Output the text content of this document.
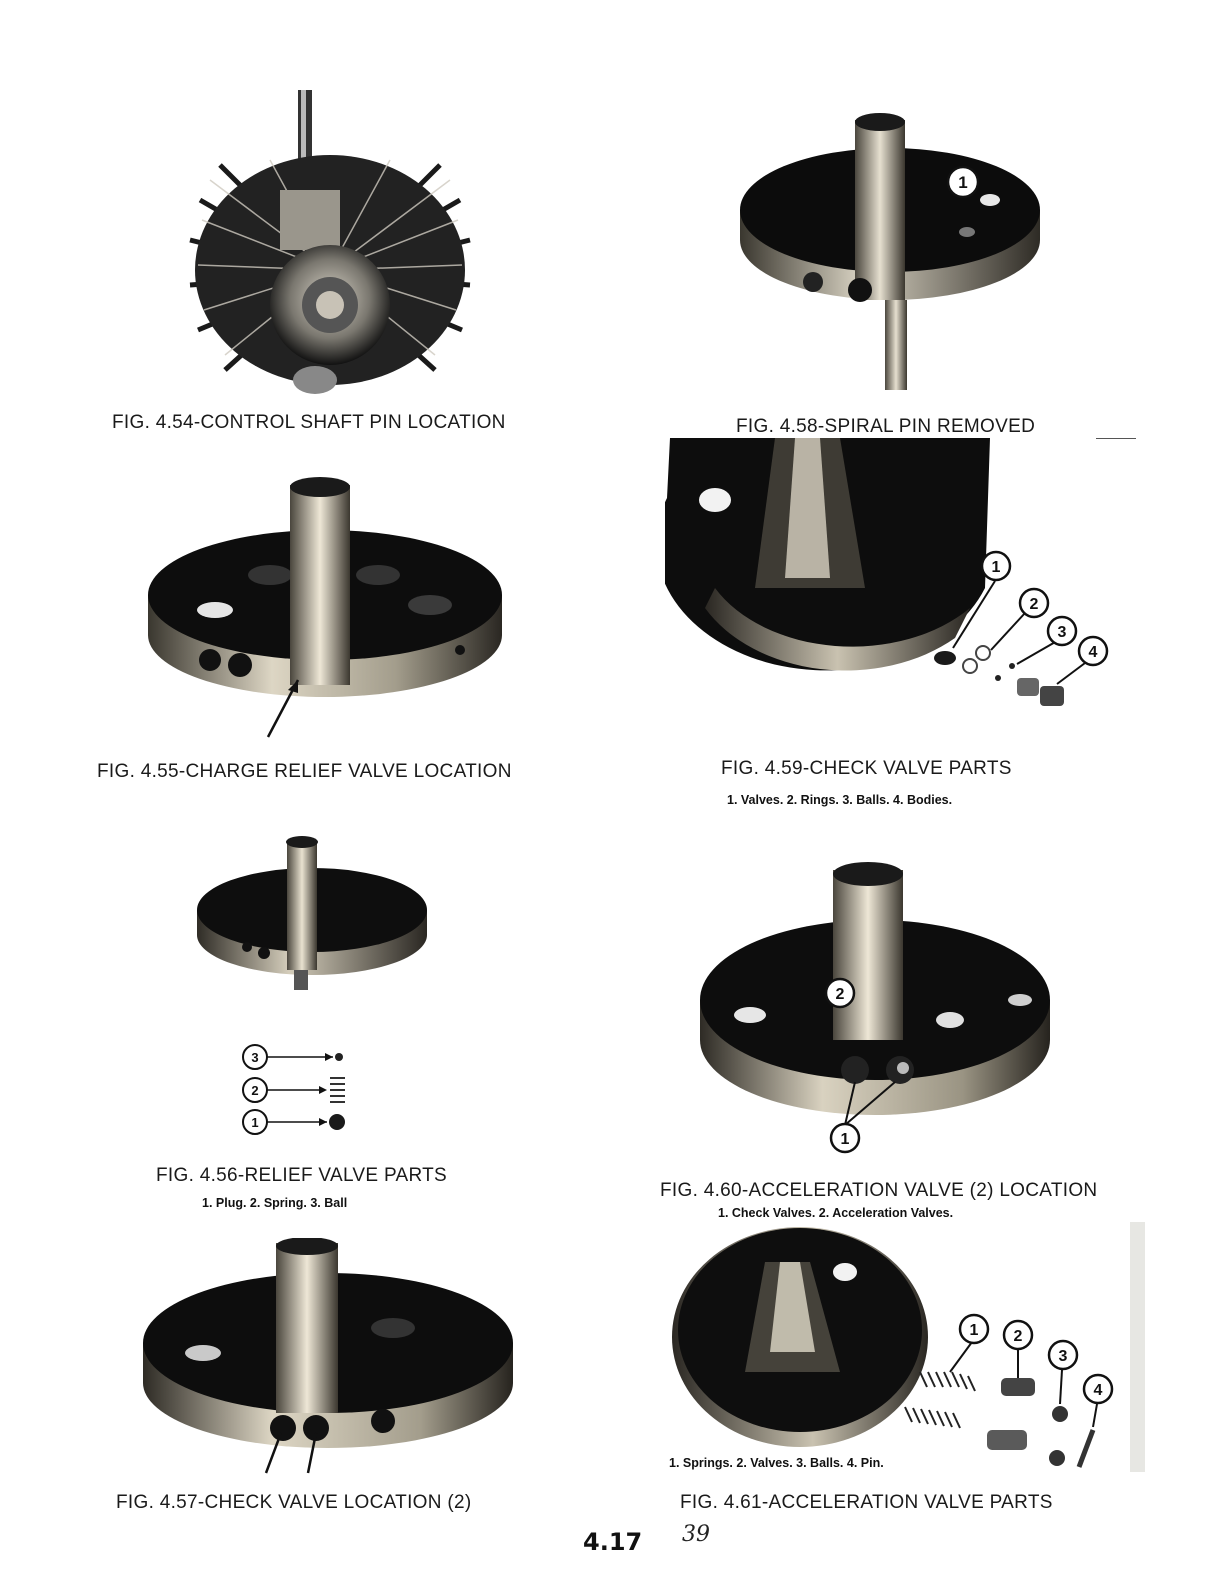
FIG. 4.54-CONTROL SHAFT PIN LOCATION
1
FIG. 4.58-SPIRAL PIN REMOVED
FIG. 4.55-CHARGE RELIEF VALVE LOCATION
1
2
3
4
FIG. 4.59-CHECK VALVE PARTS
1. Valves. 2. Rings. 3. Balls. 4. Bodies.
3
2
1
FIG. 4.56-RELIEF VALVE PARTS
1. Plug. 2. Spring. 3. Ball
2
1
FIG. 4.60-ACCELERATION VALVE (2) LOCATION
1. Check Valves. 2. Acceleration Valves.
FIG. 4.57-CHECK VALVE LOCATION (2)
1 2
3
4
1. Springs. 2. Valves. 3. Balls. 4. Pin.
FIG. 4.61-ACCELERATION VALVE PARTS
4.17 39
